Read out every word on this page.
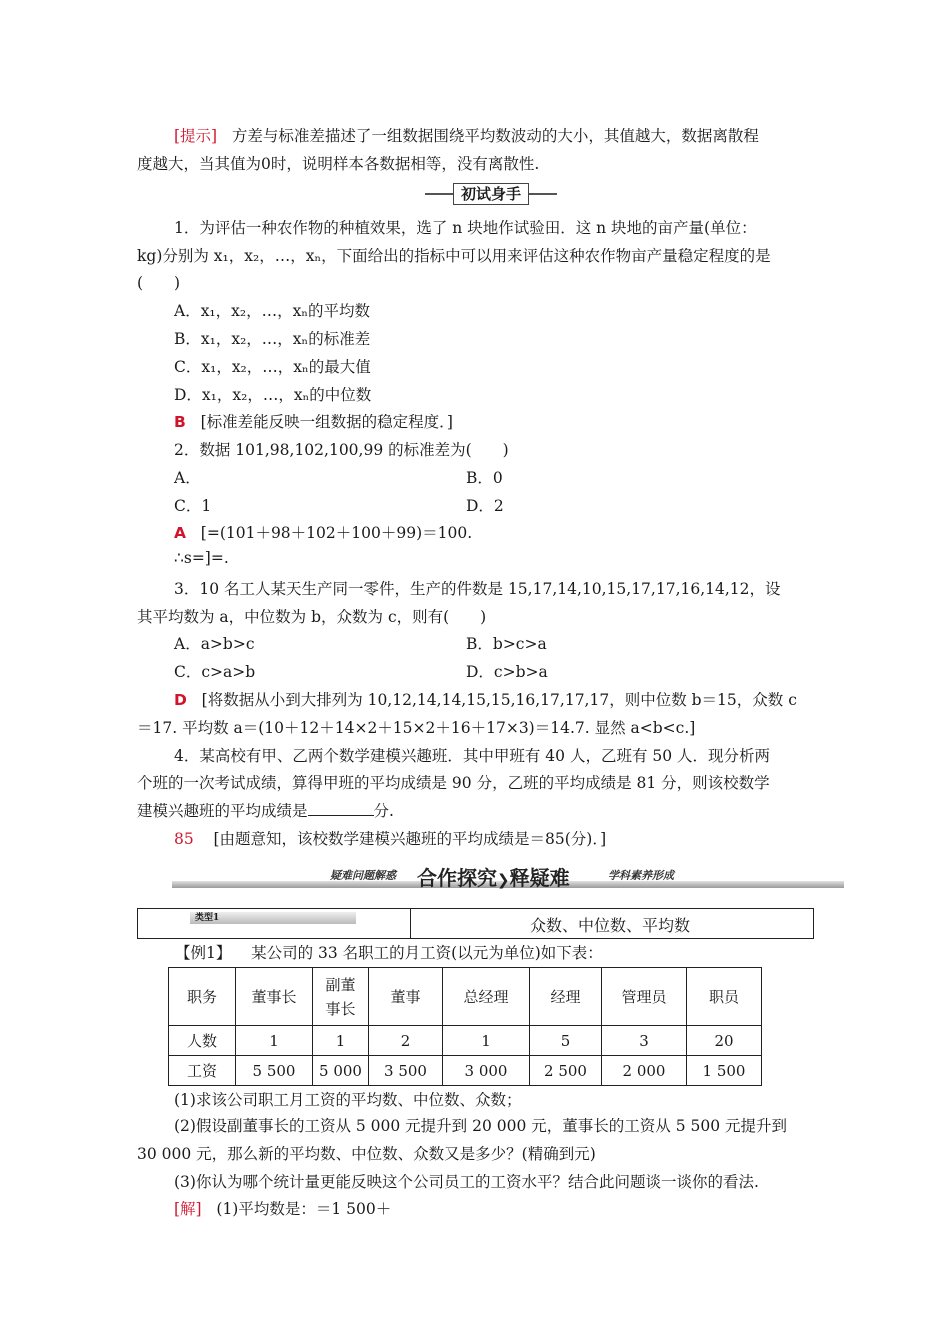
[提示] 方差与标准差描述了一组数据围绕平均数波动的大小，其值越大，数据离散程
度越大，当其值为0时，说明样本各数据相等，没有离散性.
初试身手
1．为评估一种农作物的种植效果，选了 n 块地作试验田．这 n 块地的亩产量(单位：
kg)分别为 x₁，x₂，…，xₙ，下面给出的指标中可以用来评估这种农作物亩产量稳定程度的是
(　　)
A．x₁，x₂，…，xₙ的平均数
B．x₁，x₂，…，xₙ的标准差
C．x₁，x₂，…，xₙ的最大值
D．x₁，x₂，…，xₙ的中位数
B [标准差能反映一组数据的稳定程度．]
2．数据 101,98,102,100,99 的标准差为(　　)
A．	B．0
C．1	D．2
A [=(101＋98＋102＋100＋99)＝100.
∴s=]=.
3．10 名工人某天生产同一零件，生产的件数是 15,17,14,10,15,17,17,16,14,12，设
其平均数为 a，中位数为 b，众数为 c，则有(　　)
A．a>b>c	B．b>c>a
C．c>a>b	D．c>b>a
D [将数据从小到大排列为 10,12,14,14,15,15,16,17,17,17，则中位数 b＝15，众数 c
＝17. 平均数 a＝(10＋12＋14×2＋15×2＋16＋17×3)＝14.7. 显然 a<b<c.]
4．某高校有甲、乙两个数学建模兴趣班．其中甲班有 40 人，乙班有 50 人．现分析两
个班的一次考试成绩，算得甲班的平均成绩是 90 分，乙班的平均成绩是 81 分，则该校数学
建模兴趣班的平均成绩是	分.
85 [由题意知，该校数学建模兴趣班的平均成绩是＝85(分)．]
疑难问题解惑 合作探究❯释疑难	学科素养形成
类型1	众数、中位数、平均数
【例1】 某公司的 33 名职工的月工资(以元为单位)如下表：
职务	董事长	副董
事长	董事	总经理	经理	管理员	职员
人数	1	1	2	1	5	3	20
工资	5 500	5 000	3 500	3 000	2 500	2 000	1 500
(1)求该公司职工月工资的平均数、中位数、众数；
(2)假设副董事长的工资从 5 000 元提升到 20 000 元，董事长的工资从 5 500 元提升到
30 000 元，那么新的平均数、中位数、众数又是多少？(精确到元)
(3)你认为哪个统计量更能反映这个公司员工的工资水平？结合此问题谈一谈你的看法.
[解] (1)平均数是：＝1 500＋
